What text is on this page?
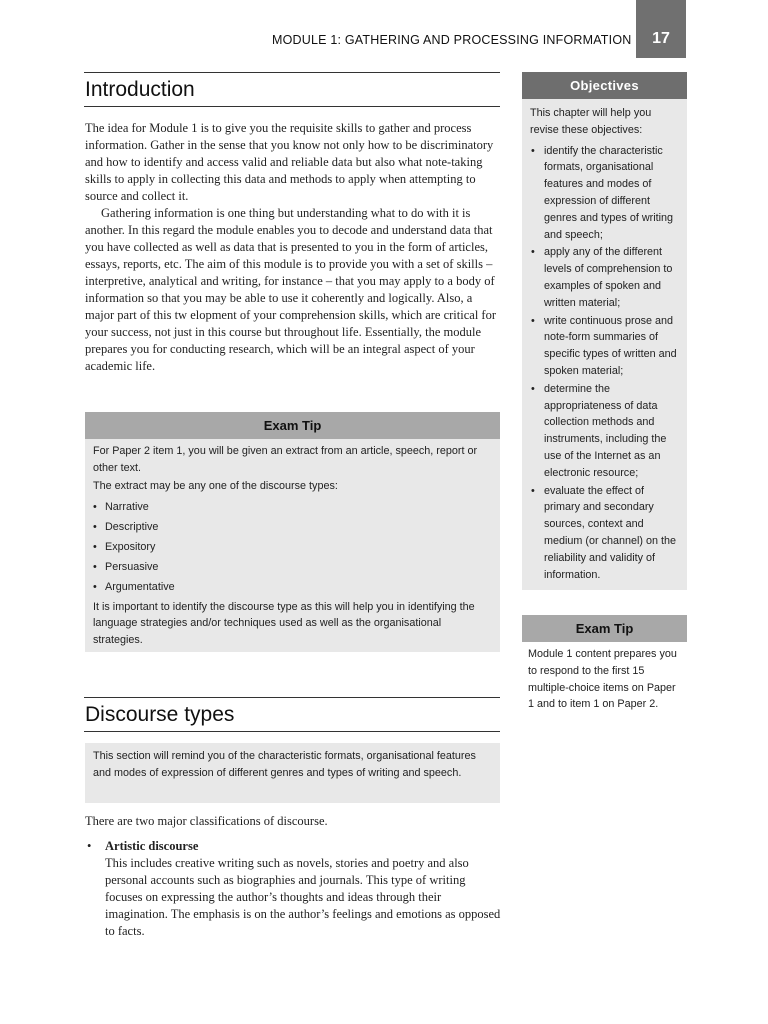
MODULE 1: GATHERING AND PROCESSING INFORMATION 17
Introduction

The idea for Module 1 is to give you the requisite skills to gather and process information. Gather in the sense that you know not only how to be discriminatory and how to identify and access valid and reliable data but also what note-taking skills to apply in collecting this data and methods to apply when attempting to source and collect it.

Gathering information is one thing but understanding what to do with it is another. In this regard the module enables you to decode and understand data that you have collected as well as data that is presented to you in the form of articles, essays, reports, etc. The aim of this module is to provide you with a set of skills – interpretive, analytical and writing, for instance – that you may apply to a body of information so that you may be able to use it coherently and logically. Also, a major part of this tw elopment of your comprehension skills, which are critical for your success, not just in this course but throughout life. Essentially, the module prepares you for conducting research, which will be an integral aspect of your academic life.

Exam Tip

For Paper 2 item 1, you will be given an extract from an article, speech, report or other text.

The extract may be any one of the discourse types:

• Narrative
• Descriptive
• Expository
• Persuasive
• Argumentative

It is important to identify the discourse type as this will help you in identifying the language strategies and/or techniques used as well as the organisational strategies.

Discourse types
This section will remind you of the characteristic formats, organisational features and modes of expression of different genres and types of writing and speech.
There are two major classifications of discourse.
•	Artistic discourse
This includes creative writing such as novels, stories and poetry and also personal accounts such as biographies and journals. This type of writing focuses on expressing the author’s thoughts and ideas through their imagination. The emphasis is on the author’s feelings and emotions as opposed to facts.
Objectives

This chapter will help you revise these objectives:

• identify the characteristic formats, organisational features and modes of expression of different genres and types of writing and speech;
• apply any of the different levels of comprehension to examples of spoken and written material;
• write continuous prose and note-form summaries of specific types of written and spoken material;
• determine the appropriateness of data collection methods and instruments, including the use of the Internet as an electronic resource;
• evaluate the effect of primary and secondary sources, context and medium (or channel) on the reliability and validity of information.
Exam Tip
Module 1 content prepares you to respond to the first 15 multiple-choice items on Paper 1 and to item 1 on Paper 2.
